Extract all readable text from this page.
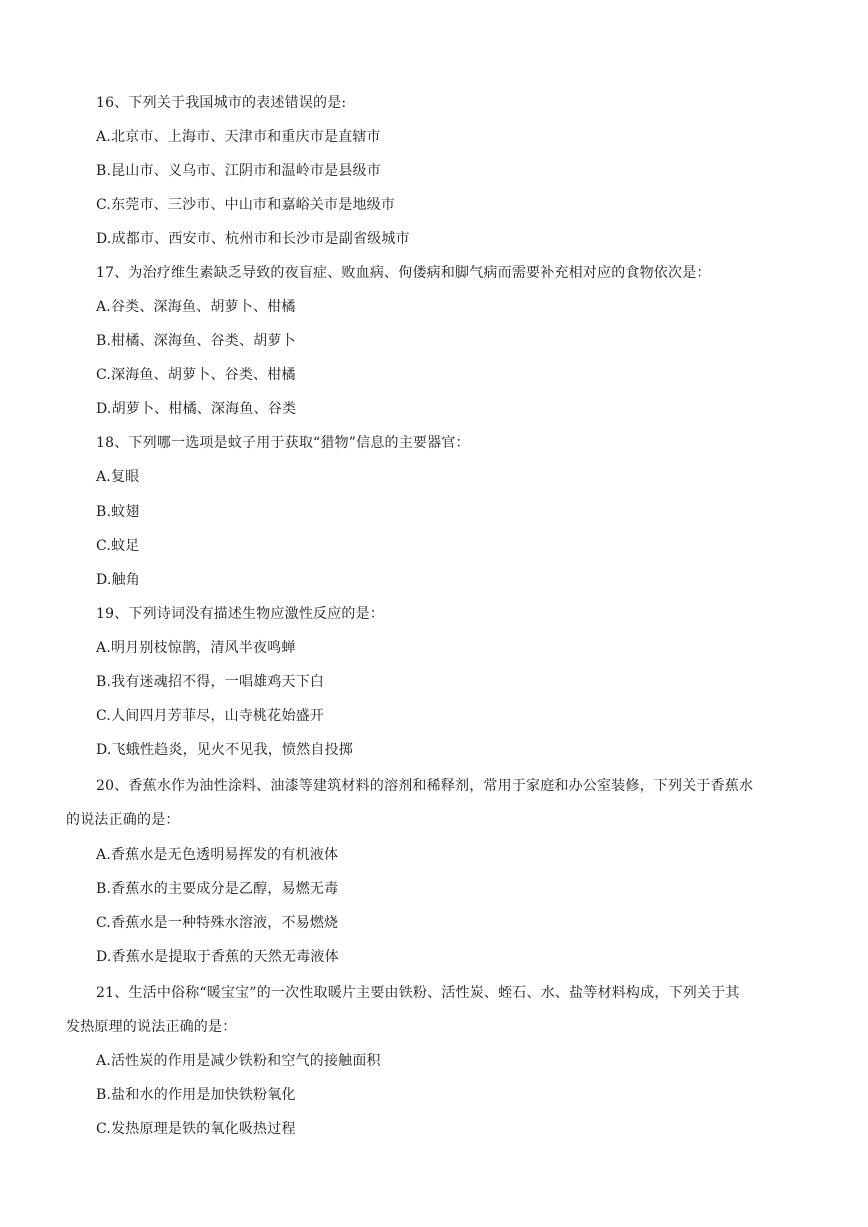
16、下列关于我国城市的表述错误的是:
A.北京市、上海市、天津市和重庆市是直辖市
B.昆山市、义乌市、江阴市和温岭市是县级市
C.东莞市、三沙市、中山市和嘉峪关市是地级市
D.成都市、西安市、杭州市和长沙市是副省级城市
17、为治疗维生素缺乏导致的夜盲症、败血病、佝偻病和脚气病而需要补充相对应的食物依次是：
A.谷类、深海鱼、胡萝卜、柑橘
B.柑橘、深海鱼、谷类、胡萝卜
C.深海鱼、胡萝卜、谷类、柑橘
D.胡萝卜、柑橘、深海鱼、谷类
18、下列哪一选项是蚊子用于获取“猎物”信息的主要器官：
A.复眼
B.蚊翅
C.蚊足
D.触角
19、下列诗词没有描述生物应激性反应的是：
A.明月别枝惊鹊，清风半夜鸣蝉
B.我有迷魂招不得，一唱雄鸡天下白
C.人间四月芳菲尽，山寺桃花始盛开
D.飞蛾性趋炎，见火不见我，愤然自投掷
20、香蕉水作为油性涂料、油漆等建筑材料的溶剂和稀释剂，常用于家庭和办公室装修，下列关于香蕉水
的说法正确的是：
A.香蕉水是无色透明易挥发的有机液体
B.香蕉水的主要成分是乙醇，易燃无毒
C.香蕉水是一种特殊水溶液，不易燃烧
D.香蕉水是提取于香蕉的天然无毒液体
21、生活中俗称“暖宝宝”的一次性取暖片主要由铁粉、活性炭、蛭石、水、盐等材料构成，下列关于其
发热原理的说法正确的是：
A.活性炭的作用是减少铁粉和空气的接触面积
B.盐和水的作用是加快铁粉氧化
C.发热原理是铁的氧化吸热过程
